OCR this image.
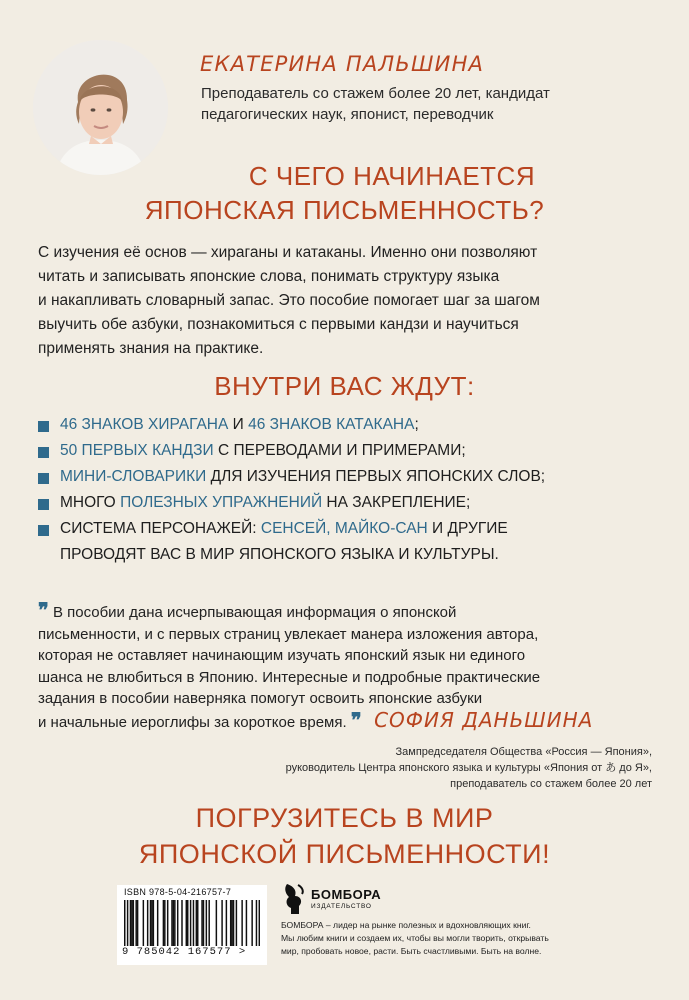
ЕКАТЕРИНА ПАЛЬШИНА
Преподаватель со стажем более 20 лет, кандидат
педагогических наук, японист, переводчик
С ЧЕГО НАЧИНАЕТСЯ
ЯПОНСКАЯ ПИСЬМЕННОСТЬ?
С изучения её основ — хираганы и катаканы. Именно они позволяют
читать и записывать японские слова, понимать структуру языка
и накапливать словарный запас. Это пособие помогает шаг за шагом
выучить обе азбуки, познакомиться с первыми кандзи и научиться
применять знания на практике.
ВНУТРИ ВАС ЖДУТ:
46 ЗНАКОВ ХИРАГАНА И 46 ЗНАКОВ КАТАКАНА;
50 ПЕРВЫХ КАНДЗИ С ПЕРЕВОДАМИ И ПРИМЕРАМИ;
МИНИ-СЛОВАРИКИ ДЛЯ ИЗУЧЕНИЯ ПЕРВЫХ ЯПОНСКИХ СЛОВ;
МНОГО ПОЛЕЗНЫХ УПРАЖНЕНИЙ НА ЗАКРЕПЛЕНИЕ;
СИСТЕМА ПЕРСОНАЖЕЙ: СЕНСЕЙ, МАЙКО-САН И ДРУГИЕ
ПРОВОДЯТ ВАС В МИР ЯПОНСКОГО ЯЗЫКА И КУЛЬТУРЫ.
❞ В пособии дана исчерпывающая информация о японской
письменности, и с первых страниц увлекает манера изложения автора,
которая не оставляет начинающим изучать японский язык ни единого
шанса не влюбиться в Японию. Интересные и подробные практические
задания в пособии наверняка помогут освоить японские азбуки
и начальные иероглифы за короткое время. ❞ СОФИЯ ДАНЬШИНА
Зампредседателя Общества «Россия — Япония»,
руководитель Центра японского языка и культуры «Япония от あ до Я»,
преподаватель со стажем более 20 лет
ПОГРУЗИТЕСЬ В МИР
ЯПОНСКОЙ ПИСЬМЕННОСТИ!
ISBN 978-5-04-216757-7
9 785042 167577 >
БОМБОРА
ИЗДАТЕЛЬСТВО
БОМБОРА – лидер на рынке полезных и вдохновляющих книг.
Мы любим книги и создаем их, чтобы вы могли творить, открывать
мир, пробовать новое, расти. Быть счастливыми. Быть на волне.
